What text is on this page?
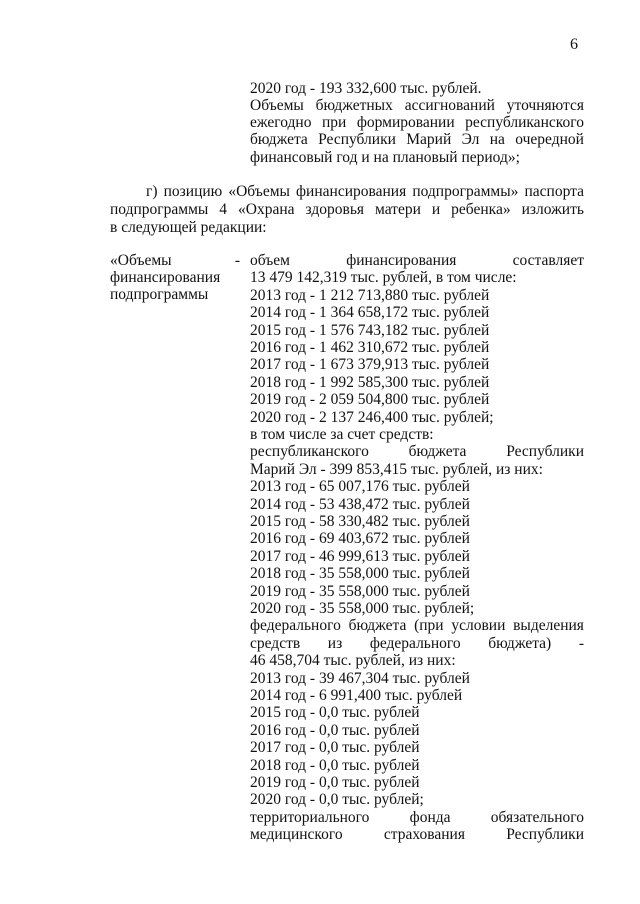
6
2020 год - 193 332,600 тыс. рублей.
Объемы бюджетных ассигнований уточняются
ежегодно при формировании республиканского
бюджета Республики Марий Эл на очередной
финансовый год и на плановый период»;
г) позицию «Объемы финансирования подпрограммы» паспорта
подпрограммы 4 «Охрана здоровья матери и ребенка» изложить
в следующей редакции:
«Объемы	-
финансирования
подпрограммы
объем	финансирования	составляет
13 479 142,319 тыс. рублей, в том числе:
2013 год - 1 212 713,880 тыс. рублей
2014 год - 1 364 658,172 тыс. рублей
2015 год - 1 576 743,182 тыс. рублей
2016 год - 1 462 310,672 тыс. рублей
2017 год - 1 673 379,913 тыс. рублей
2018 год - 1 992 585,300 тыс. рублей
2019 год - 2 059 504,800 тыс. рублей
2020 год - 2 137 246,400 тыс. рублей;
в том числе за счет средств:
республиканского	бюджета	Республики
Марий Эл - 399 853,415 тыс. рублей, из них:
2013 год - 65 007,176 тыс. рублей
2014 год - 53 438,472 тыс. рублей
2015 год - 58 330,482 тыс. рублей
2016 год - 69 403,672 тыс. рублей
2017 год - 46 999,613 тыс. рублей
2018 год - 35 558,000 тыс. рублей
2019 год - 35 558,000 тыс. рублей
2020 год - 35 558,000 тыс. рублей;
федерального бюджета (при условии выделения
средств из федерального бюджета) -
46 458,704 тыс. рублей, из них:
2013 год - 39 467,304 тыс. рублей
2014 год - 6 991,400 тыс. рублей
2015 год - 0,0 тыс. рублей
2016 год - 0,0 тыс. рублей
2017 год - 0,0 тыс. рублей
2018 год - 0,0 тыс. рублей
2019 год - 0,0 тыс. рублей
2020 год - 0,0 тыс. рублей;
территориального	фонда	обязательного
медицинского	страхования	Республики
